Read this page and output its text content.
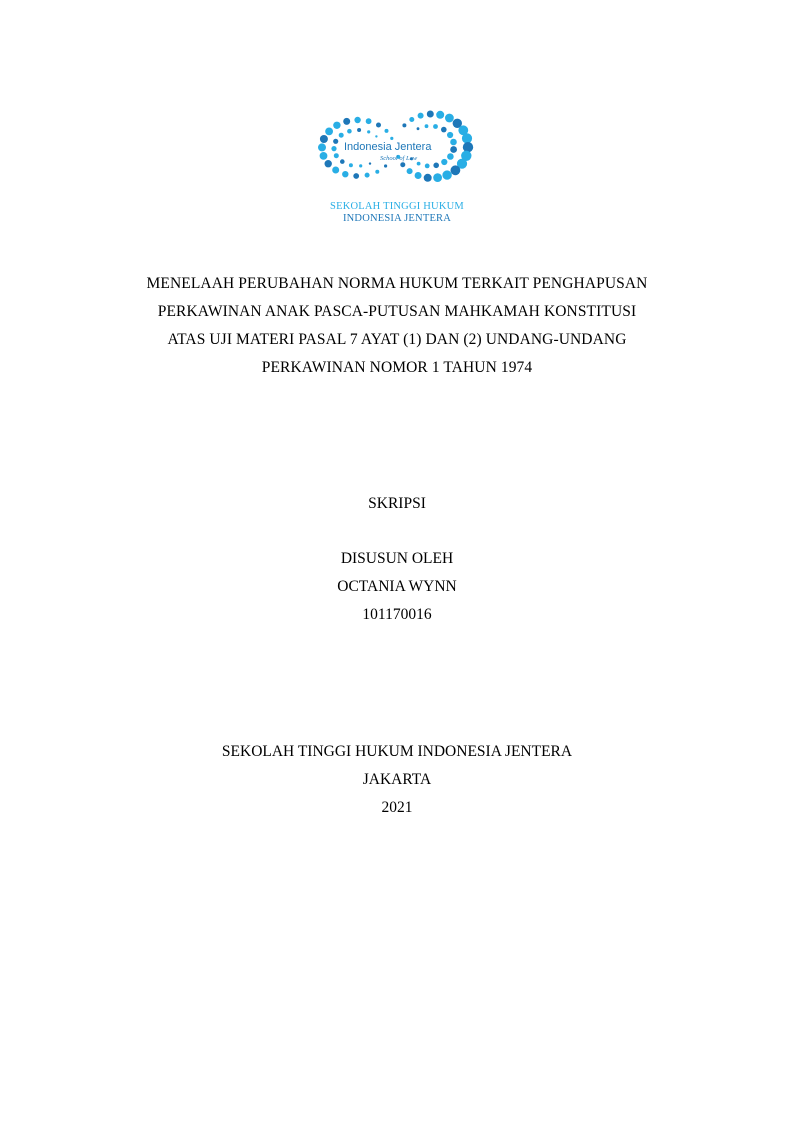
Indonesia Jentera
School of Law
SEKOLAH TINGGI HUKUM
INDONESIA JENTERA
MENELAAH PERUBAHAN NORMA HUKUM TERKAIT PENGHAPUSAN
PERKAWINAN ANAK PASCA-PUTUSAN MAHKAMAH KONSTITUSI
ATAS UJI MATERI PASAL 7 AYAT (1) DAN (2) UNDANG-UNDANG
PERKAWINAN NOMOR 1 TAHUN 1974
SKRIPSI
DISUSUN OLEH
OCTANIA WYNN
101170016
SEKOLAH TINGGI HUKUM INDONESIA JENTERA
JAKARTA
2021
